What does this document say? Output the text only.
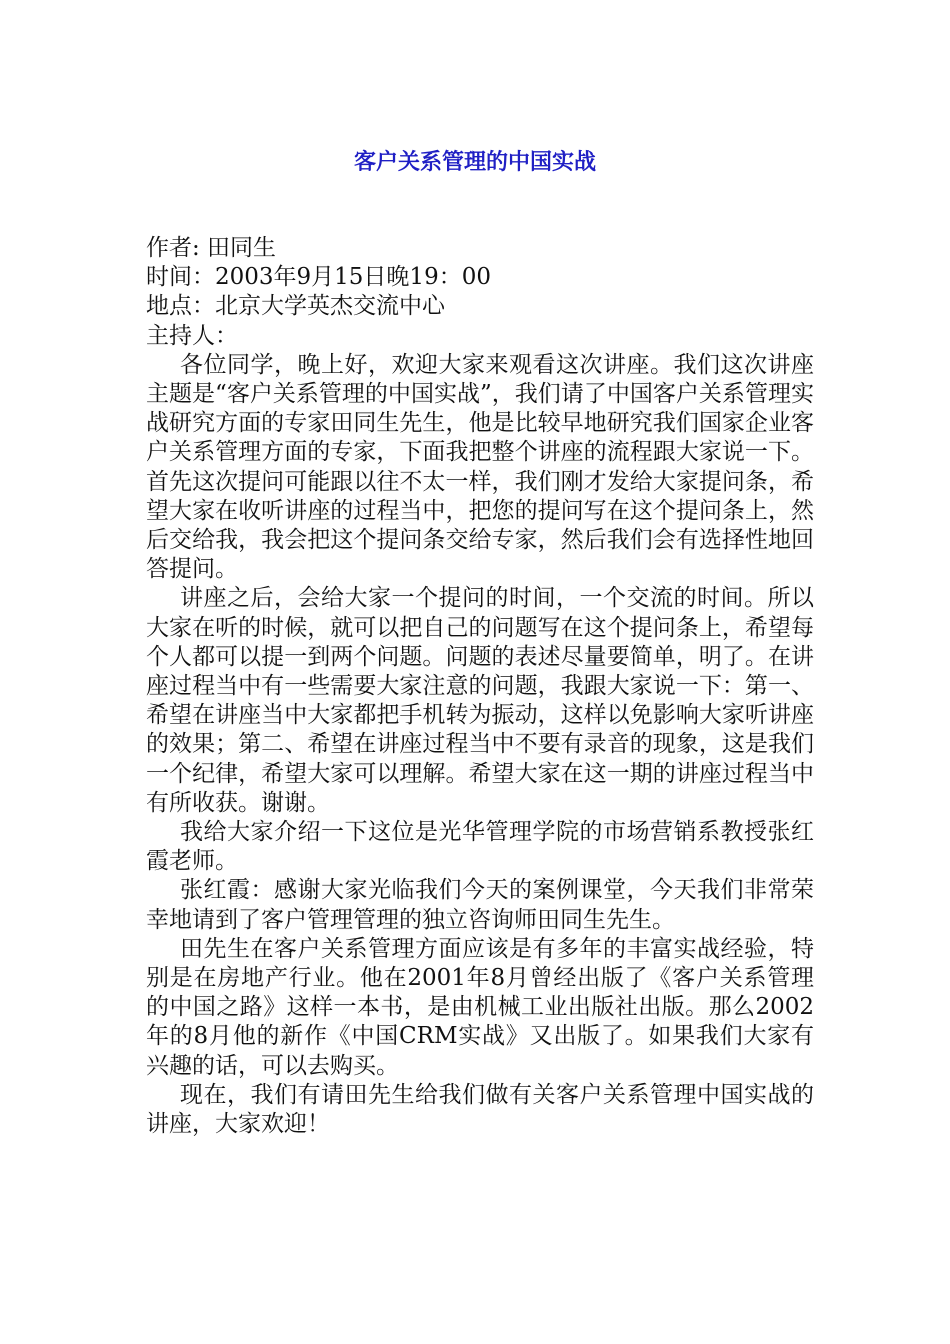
客户关系管理的中国实战

作者: 田同生

时间：2003年9月15日晚19：00

地点：北京大学英杰交流中心

主持人：

各位同学，晚上好，欢迎大家来观看这次讲座。我们这次讲座主题是“客户关系管理的中国实战”，我们请了中国客户关系管理实战研究方面的专家田同生先生，他是比较早地研究我们国家企业客户关系管理方面的专家，下面我把整个讲座的流程跟大家说一下。首先这次提问可能跟以往不太一样，我们刚才发给大家提问条，希望大家在收听讲座的过程当中，把您的提问写在这个提问条上，然后交给我，我会把这个提问条交给专家，然后我们会有选择性地回答提问。

讲座之后，会给大家一个提问的时间，一个交流的时间。所以大家在听的时候，就可以把自己的问题写在这个提问条上，希望每个人都可以提一到两个问题。问题的表述尽量要简单，明了。在讲座过程当中有一些需要大家注意的问题，我跟大家说一下：第一、希望在讲座当中大家都把手机转为振动，这样以免影响大家听讲座的效果；第二、希望在讲座过程当中不要有录音的现象，这是我们一个纪律，希望大家可以理解。希望大家在这一期的讲座过程当中有所收获。谢谢。

我给大家介绍一下这位是光华管理学院的市场营销系教授张红霞老师。

张红霞：感谢大家光临我们今天的案例课堂，今天我们非常荣幸地请到了客户管理管理的独立咨询师田同生先生。

田先生在客户关系管理方面应该是有多年的丰富实战经验，特别是在房地产行业。他在2001年8月曾经出版了《客户关系管理的中国之路》这样一本书，是由机械工业出版社出版。那么2002年的8月他的新作《中国CRM实战》又出版了。如果我们大家有兴趣的话，可以去购买。

现在，我们有请田先生给我们做有关客户关系管理中国实战的讲座，大家欢迎！
